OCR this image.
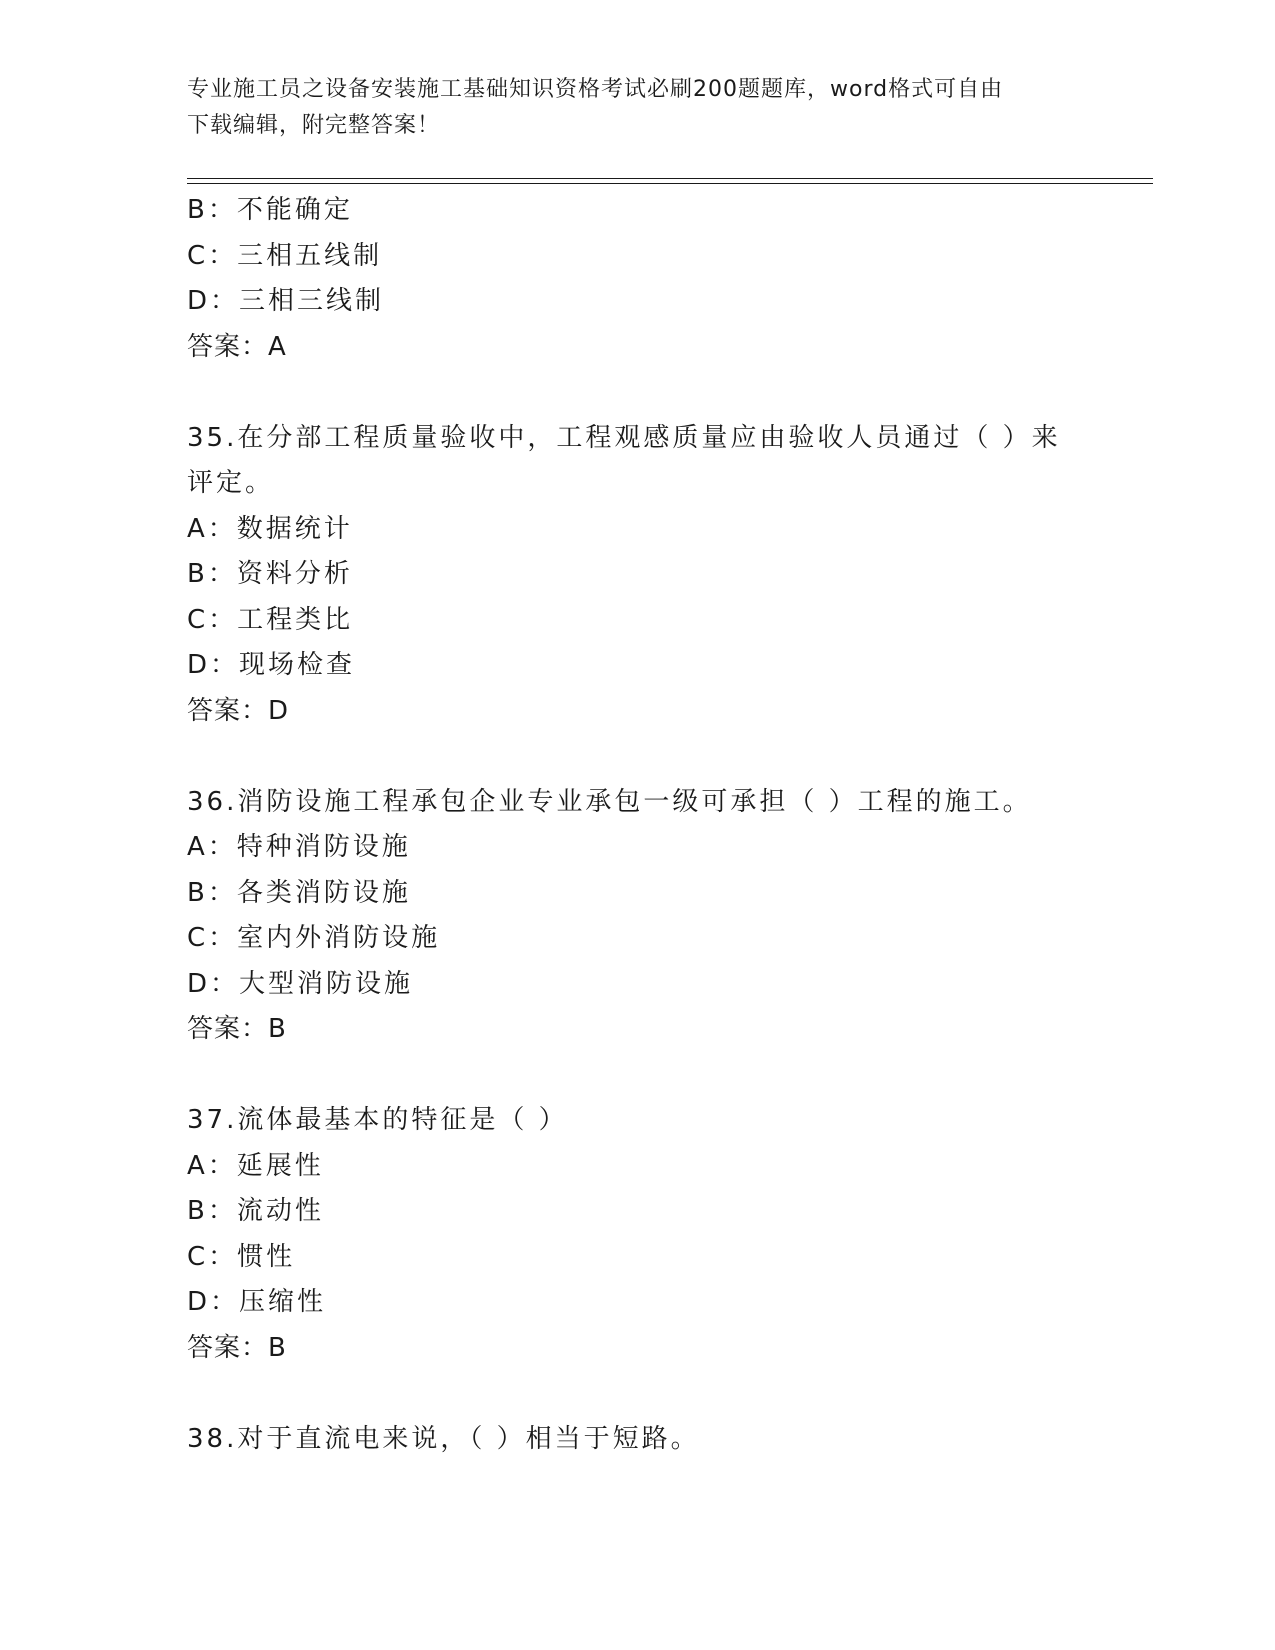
专业施工员之设备安装施工基础知识资格考试必刷200题题库，word格式可自由
下载编辑，附完整答案！
B：不能确定
C：三相五线制
D：三相三线制
答案：A
35.在分部工程质量验收中，工程观感质量应由验收人员通过（ ）来
评定。
A：数据统计
B：资料分析
C：工程类比
D：现场检查
答案：D
36.消防设施工程承包企业专业承包一级可承担（ ）工程的施工。
A：特种消防设施
B：各类消防设施
C：室内外消防设施
D：大型消防设施
答案：B
37.流体最基本的特征是（ ）
A：延展性
B：流动性
C：惯性
D：压缩性
答案：B
38.对于直流电来说，（ ）相当于短路。
